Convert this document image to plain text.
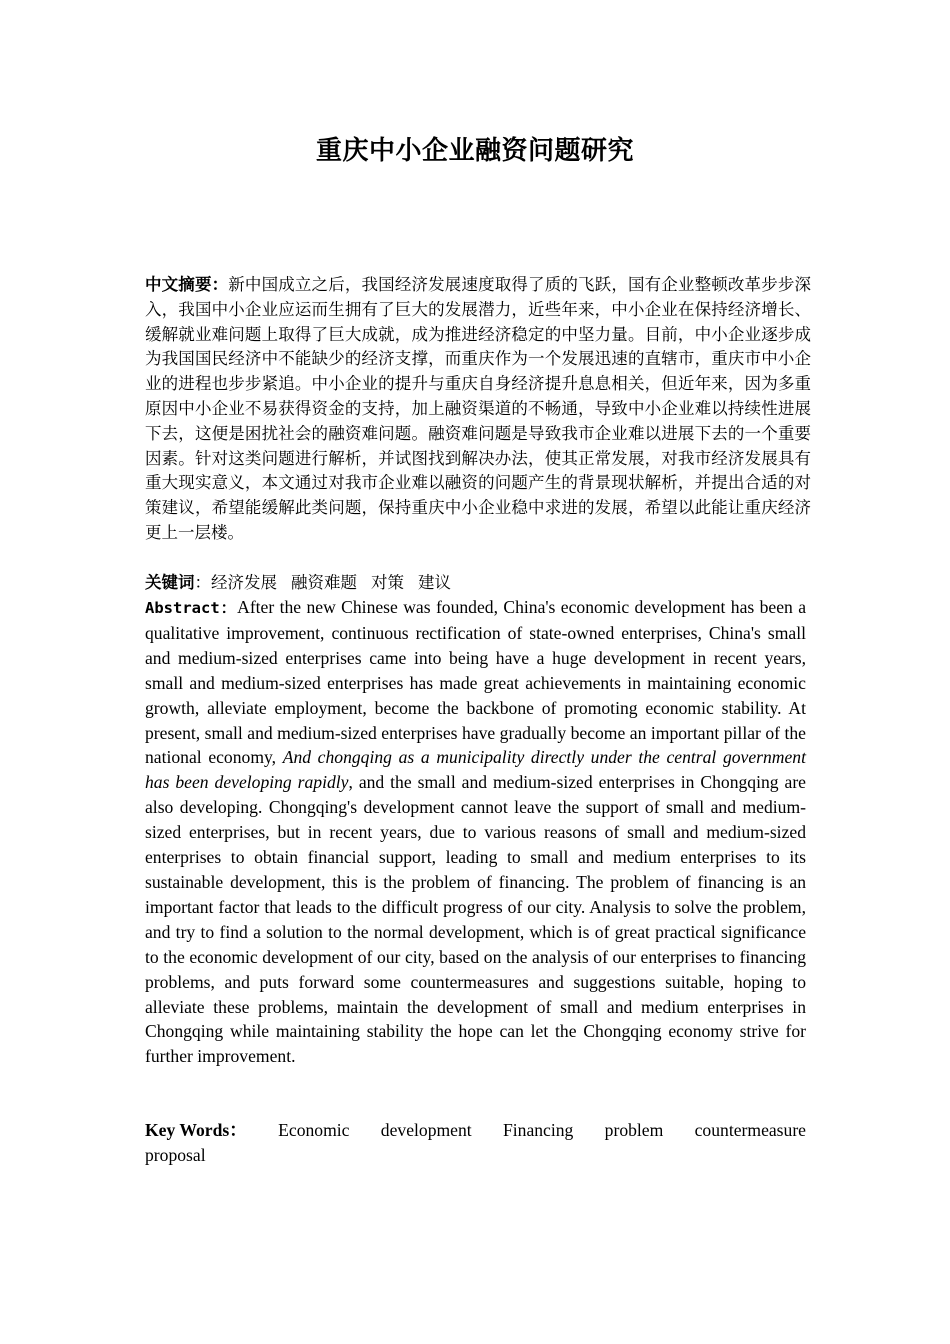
重庆中小企业融资问题研究
中文摘要：新中国成立之后，我国经济发展速度取得了质的飞跃，国有企业整顿改革步步深入，我国中小企业应运而生拥有了巨大的发展潜力，近些年来，中小企业在保持经济增长、缓解就业难问题上取得了巨大成就，成为推进经济稳定的中坚力量。目前，中小企业逐步成为我国国民经济中不能缺少的经济支撑，而重庆作为一个发展迅速的直辖市，重庆市中小企业的进程也步步紧追。中小企业的提升与重庆自身经济提升息息相关，但近年来，因为多重原因中小企业不易获得资金的支持，加上融资渠道的不畅通，导致中小企业难以持续性进展下去，这便是困扰社会的融资难问题。融资难问题是导致我市企业难以进展下去的一个重要因素。针对这类问题进行解析，并试图找到解决办法，使其正常发展，对我市经济发展具有重大现实意义，本文通过对我市企业难以融资的问题产生的背景现状解析，并提出合适的对策建议，希望能缓解此类问题，保持重庆中小企业稳中求进的发展，希望以此能让重庆经济更上一层楼。
关键词：经济发展 融资难题 对策 建议
Abstract：After the new Chinese was founded, China's economic development has been a qualitative improvement, continuous rectification of state-owned enterprises, China's small and medium-sized enterprises came into being have a huge development in recent years, small and medium-sized enterprises has made great achievements in maintaining economic growth, alleviate employment, become the backbone of promoting economic stability. At present, small and medium-sized enterprises have gradually become an important pillar of the national economy, And chongqing as a municipality directly under the central government has been developing rapidly, and the small and medium-sized enterprises in Chongqing are also developing. Chongqing's development cannot leave the support of small and medium-sized enterprises, but in recent years, due to various reasons of small and medium-sized enterprises to obtain financial support, leading to small and medium enterprises to its sustainable development, this is the problem of financing. The problem of financing is an important factor that leads to the difficult progress of our city. Analysis to solve the problem, and try to find a solution to the normal development, which is of great practical significance to the economic development of our city, based on the analysis of our enterprises to financing problems, and puts forward some countermeasures and suggestions suitable, hoping to alleviate these problems, maintain the development of small and medium enterprises in Chongqing while maintaining stability the hope can let the Chongqing economy strive for further improvement.
Key Words： Economic development Financing problem countermeasure
proposal
